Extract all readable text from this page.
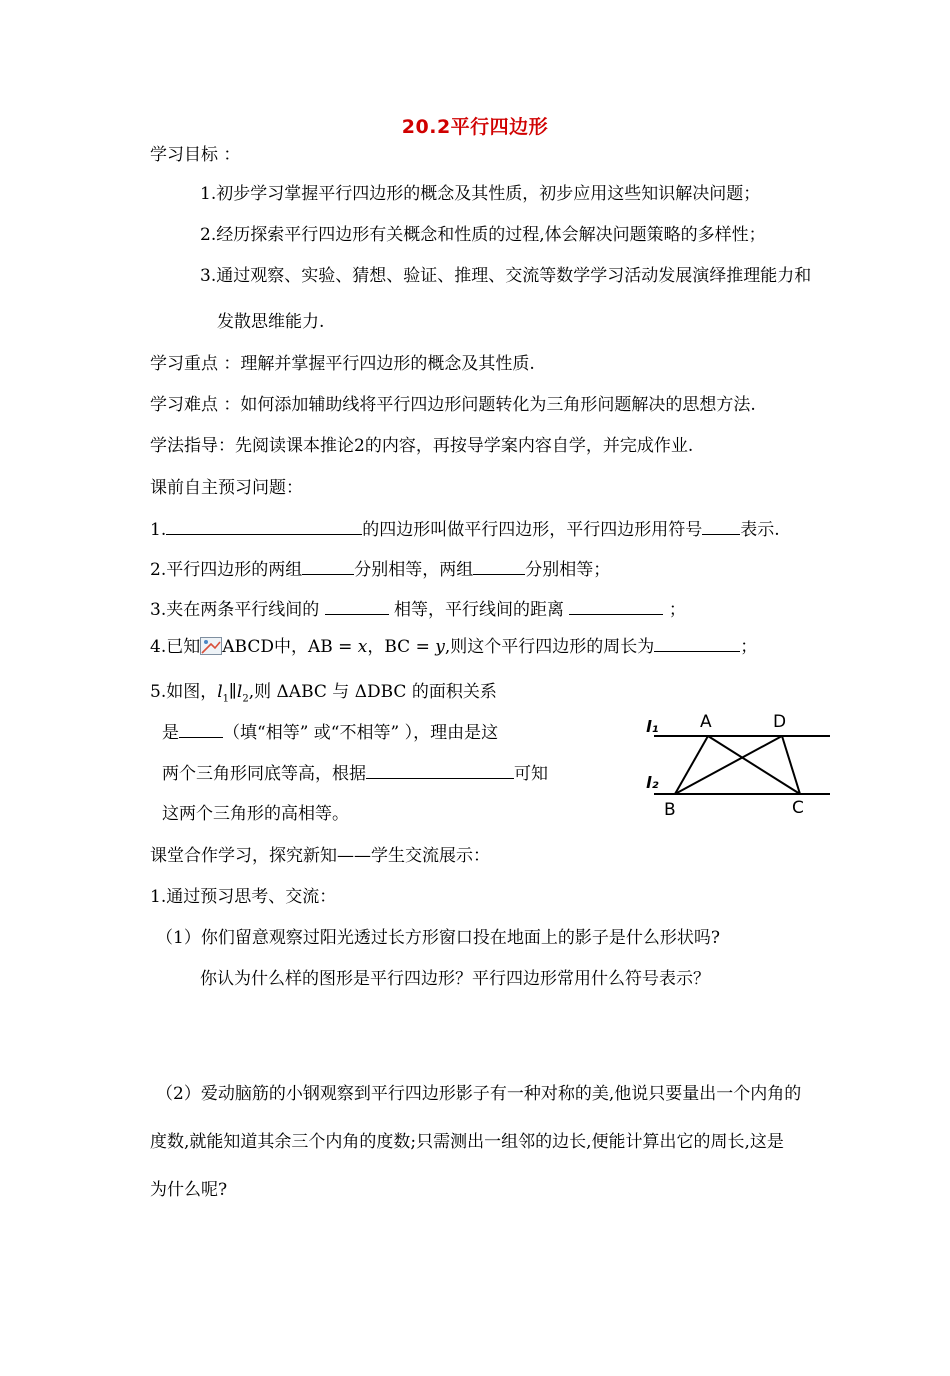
20.2平行四边形
学习目标 ：
1.初步学习掌握平行四边形的概念及其性质，初步应用这些知识解决问题；
2.经历探索平行四边形有关概念和性质的过程,体会解决问题策略的多样性；
3.通过观察、实验、猜想、验证、推理、交流等数学学习活动发展演绎推理能力和
发散思维能力.
学习重点 ：理解并掌握平行四边形的概念及其性质.
学习难点 ：如何添加辅助线将平行四边形问题转化为三角形问题解决的思想方法.
学法指导：先阅读课本推论2的内容，再按导学案内容自学，并完成作业.
课前自主预习问题：
1.	的四边形叫做平行四边形，平行四边形用符号 表示.
2.平行四边形的两组	分别相等，两组	分别相等；
3.夹在两条平行线间的	相等，平行线间的距离	；
4.已知 ABCD中，AB = x，BC = y,则这个平行四边形的周长为	；
5.如图，$l_1\parallel l_2$,则 ΔABC 与 ΔDBC 的面积关系
是	（填“相等” 或“不相等” ），理由是这
两个三角形同底等高，根据	可知
这两个三角形的高相等。
l₁
l₂
A	D
B	C
课堂合作学习，探究新知——学生交流展示：
1.通过预习思考、交流：
（1）你们留意观察过阳光透过长方形窗口投在地面上的影子是什么形状吗?
你认为什么样的图形是平行四边形？平行四边形常用什么符号表示？
（2）爱动脑筋的小钢观察到平行四边形影子有一种对称的美,他说只要量出一个内角的
度数,就能知道其余三个内角的度数;只需测出一组邻的边长,便能计算出它的周长,这是
为什么呢?
